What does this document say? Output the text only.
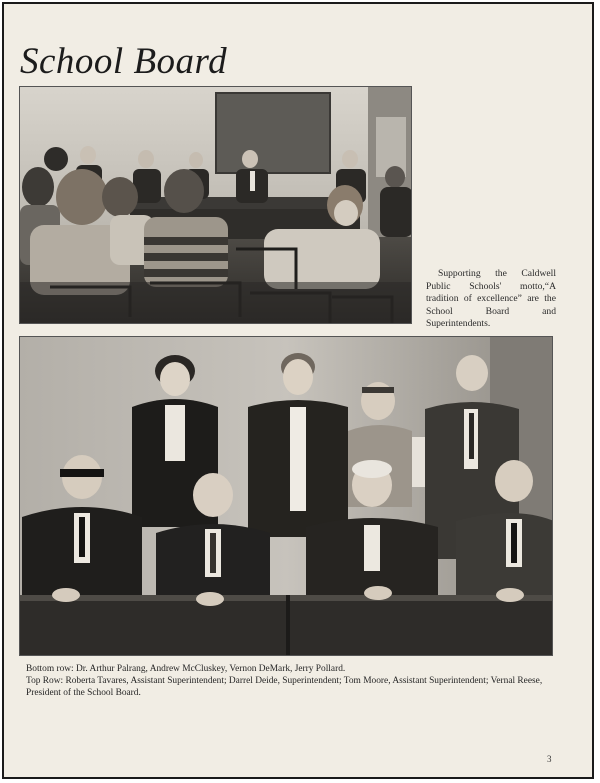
School Board
Supporting the Caldwell Public Schools' motto,“A tradition of excellence” are the School Board and Superintendents.
Bottom row: Dr. Arthur Palrang, Andrew McCluskey, Vernon DeMark, Jerry Pollard.
Top Row: Roberta Tavares, Assistant Superintendent; Darrel Deide, Superintendent; Tom Moore, Assistant Superintendent; Vernal Reese, President of the School Board.
3
